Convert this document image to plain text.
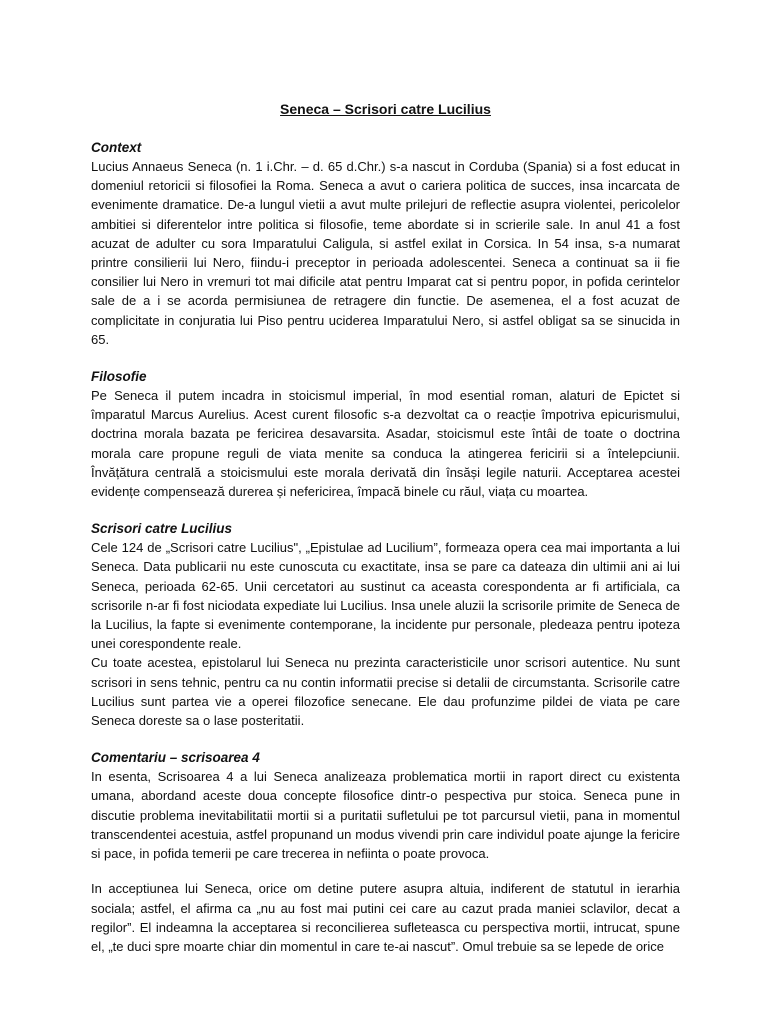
Seneca – Scrisori catre Lucilius
Context

Lucius Annaeus Seneca (n. 1 i.Chr. – d. 65 d.Chr.) s-a nascut in Corduba (Spania) si a fost educat in domeniul retoricii si filosofiei la Roma. Seneca a avut o cariera politica de succes, insa incarcata de evenimente dramatice. De-a lungul vietii a avut multe prilejuri de reflectie asupra violentei, pericolelor ambitiei si diferentelor intre politica si filosofie, teme abordate si in scrierile sale. In anul 41 a fost acuzat de adulter cu sora Imparatului Caligula, si astfel exilat in Corsica. In 54 insa, s-a numarat printre consilierii lui Nero, fiindu-i preceptor in perioada adolescentei. Seneca a continuat sa ii fie consilier lui Nero in vremuri tot mai dificile atat pentru Imparat cat si pentru popor, in pofida cerintelor sale de a i se acorda permisiunea de retragere din functie. De asemenea, el a fost acuzat de complicitate in conjuratia lui Piso pentru uciderea Imparatului Nero, si astfel obligat sa se sinucida in 65.

Filosofie

Pe Seneca il putem incadra in stoicismul imperial, în mod esential roman, alaturi de Epictet si împaratul Marcus Aurelius. Acest curent filosofic s-a dezvoltat ca o reacție împotriva epicurismului, doctrina morala bazata pe fericirea desavarsita. Asadar, stoicismul este întâi de toate o doctrina morala care propune reguli de viata menite sa conduca la atingerea fericirii si a întelepciunii. Învățătura centrală a stoicismului este morala derivată din însăși legile naturii. Acceptarea acestei evidențe compensează durerea și nefericirea, împacă binele cu răul, viața cu moartea.

Scrisori catre Lucilius

Cele 124 de „Scrisori catre Lucilius", „Epistulae ad Lucilium”, formeaza opera cea mai importanta a lui Seneca. Data publicarii nu este cunoscuta cu exactitate, insa se pare ca dateaza din ultimii ani ai lui Seneca, perioada 62-65. Unii cercetatori au sustinut ca aceasta corespondenta ar fi artificiala, ca scrisorile n-ar fi fost niciodata expediate lui Lucilius. Insa unele aluzii la scrisorile primite de Seneca de la Lucilius, la fapte si evenimente contemporane, la incidente pur personale, pledeaza pentru ipoteza unei corespondente reale.

Cu toate acestea, epistolarul lui Seneca nu prezinta caracteristicile unor scrisori autentice. Nu sunt scrisori in sens tehnic, pentru ca nu contin informatii precise si detalii de circumstanta. Scrisorile catre Lucilius sunt partea vie a operei filozofice senecane. Ele dau profunzime pildei de viata pe care Seneca doreste sa o lase posteritatii.

Comentariu – scrisoarea 4

In esenta, Scrisoarea 4 a lui Seneca analizeaza problematica mortii in raport direct cu existenta umana, abordand aceste doua concepte filosofice dintr-o pespectiva pur stoica. Seneca pune in discutie problema inevitabilitatii mortii si a puritatii sufletului pe tot parcursul vietii, pana in momentul transcendentei acestuia, astfel propunand un modus vivendi prin care individul poate ajunge la fericire si pace, in pofida temerii pe care trecerea in nefiinta o poate provoca.

In acceptiunea lui Seneca, orice om detine putere asupra altuia, indiferent de statutul in ierarhia sociala; astfel, el afirma ca „nu au fost mai putini cei care au cazut prada maniei sclavilor, decat a regilor”. El indeamna la acceptarea si reconcilierea sufleteasca cu perspectiva mortii, intrucat, spune el, „te duci spre moarte chiar din momentul in care te-ai nascut”. Omul trebuie sa se lepede de orice
